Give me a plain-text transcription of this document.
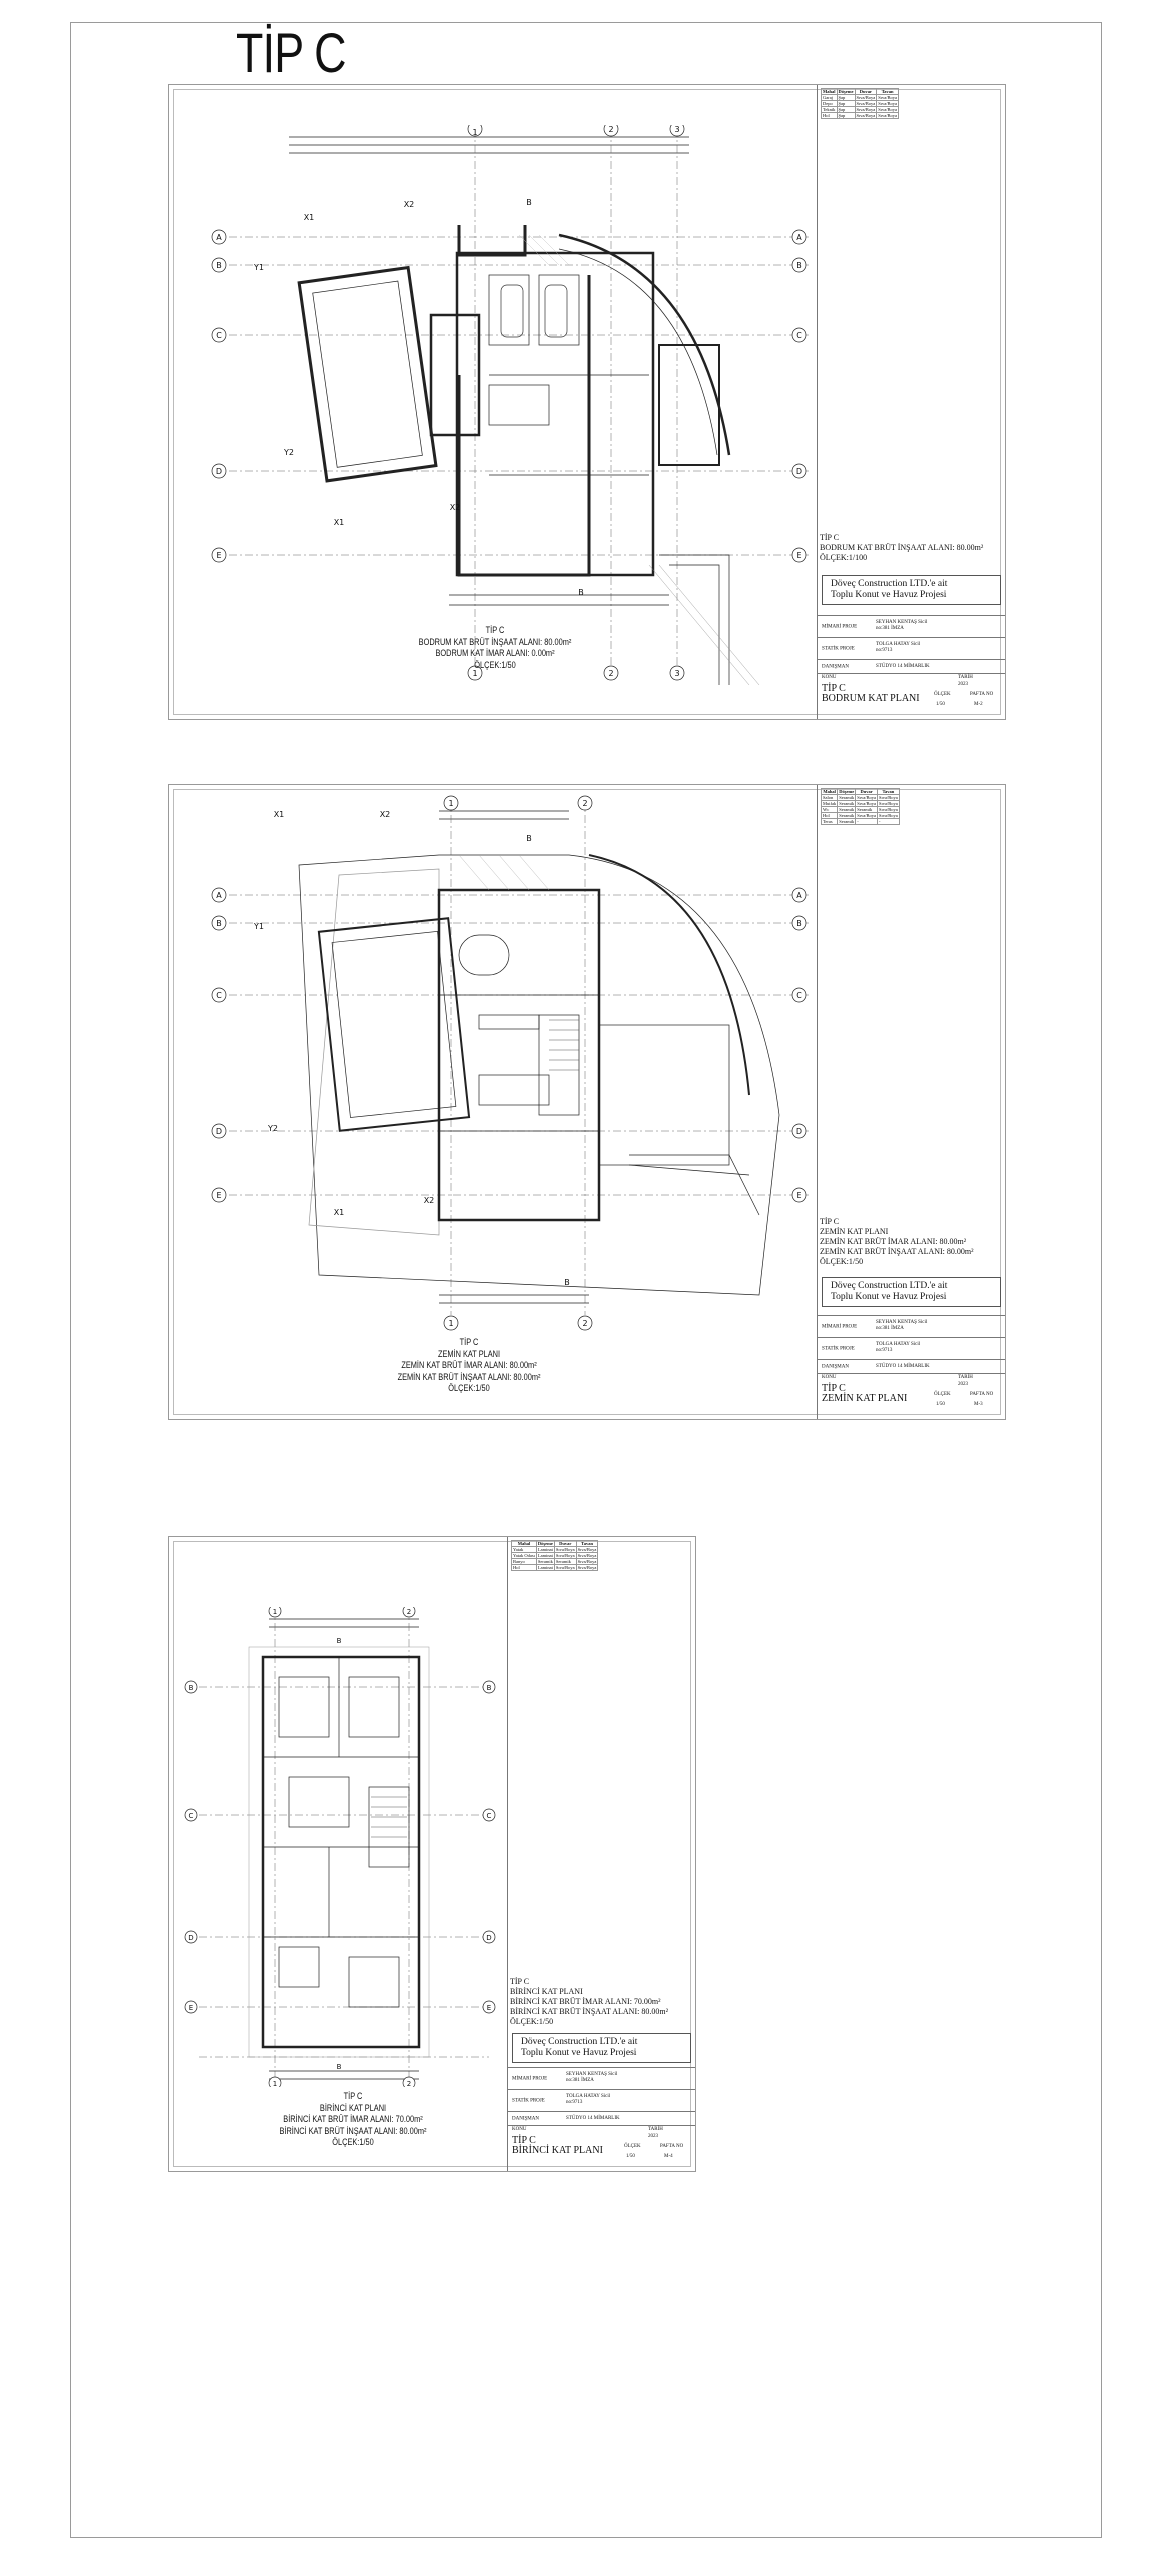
TİP C
A
B
C
D
E
A
B
C
D
E
1	2	3
1	2	3
X1
X2
Y1
Y2
X1
X2
B
B
TİP C
BODRUM KAT BRÜT İNŞAAT ALANI: 80.00m²
BODRUM KAT İMAR ALANI: 0.00m²
ÖLÇEK:1/50
Mahal	Döşeme	Duvar	Tavan
Garaj	Şap	Sıva/Boya	Sıva/Boya
Depo	Şap	Sıva/Boya	Sıva/Boya
Teknik	Şap	Sıva/Boya	Sıva/Boya
Hol	Şap	Sıva/Boya	Sıva/Boya
TİP C
BODRUM KAT BRÜT İNŞAAT ALANI: 80.00m²
ÖLÇEK:1/100
Döveç Construction LTD.'e ait
Toplu Konut ve Havuz Projesi
MİMARİ PROJE
SEYHAN KENTAŞ Sicil no:381 İMZA
STATİK PROJE
TOLGA HATAY Sicil no:9713
DANIŞMAN	STÜDYO 14 MİMARLIK
KONU	TARİH
2023
TİP C
BODRUM KAT PLANI	ÖLÇEK	PAFTA NO
1/50	M-2
A
B
C
D
E
A
B
C
D
E
1	2
1	2
X1	X2
Y1
Y2
X1
X2
B
B
TİP C
ZEMİN KAT PLANI
ZEMİN KAT BRÜT İMAR ALANI: 80.00m²
ZEMİN KAT BRÜT İNŞAAT ALANI: 80.00m²
ÖLÇEK:1/50
Mahal	Döşeme	Duvar	Tavan
Salon	Seramik	Sıva/Boya	Sıva/Boya
Mutfak	Seramik	Sıva/Boya	Sıva/Boya
Wc	Seramik	Seramik	Sıva/Boya
Hol	Seramik	Sıva/Boya	Sıva/Boya
Teras	Seramik	-	-
TİP C
ZEMİN KAT PLANI
ZEMİN KAT BRÜT İMAR ALANI: 80.00m²
ZEMİN KAT BRÜT İNŞAAT ALANI: 80.00m²
ÖLÇEK:1/50
Döveç Construction LTD.'e ait
Toplu Konut ve Havuz Projesi
MİMARİ PROJE
SEYHAN KENTAŞ Sicil no:381 İMZA
STATİK PROJE
TOLGA HATAY Sicil no:9713
DANIŞMAN	STÜDYO 14 MİMARLIK
KONU	TARİH
2023
TİP C
ZEMİN KAT PLANI	ÖLÇEK	PAFTA NO
1/50	M-3
B
C
D
E
B
C
D
E
1	2
1	2
B
B
TİP C
BİRİNCİ KAT PLANI
BİRİNCİ KAT BRÜT İMAR ALANI: 70.00m²
BİRİNCİ KAT BRÜT İNŞAAT ALANI: 80.00m²
ÖLÇEK:1/50
Mahal	Döşeme	Duvar	Tavan
Yatak	Laminat	Sıva/Boya	Sıva/Boya
Yatak Odası	Laminat	Sıva/Boya	Sıva/Boya
Banyo	Seramik	Seramik	Sıva/Boya
Hol	Laminat	Sıva/Boya	Sıva/Boya
TİP C
BİRİNCİ KAT PLANI
BİRİNCİ KAT BRÜT İMAR ALANI: 70.00m²
BİRİNCİ KAT BRÜT İNŞAAT ALANI: 80.00m²
ÖLÇEK:1/50
Döveç Construction LTD.'e ait
Toplu Konut ve Havuz Projesi
MİMARİ PROJE
SEYHAN KENTAŞ Sicil no:381 İMZA
STATİK PROJE
TOLGA HATAY Sicil no:9713
DANIŞMAN	STÜDYO 14 MİMARLIK
KONU	TARİH
2023
TİP C
BİRİNCİ KAT PLANI	ÖLÇEK	PAFTA NO
1/50	M-4
